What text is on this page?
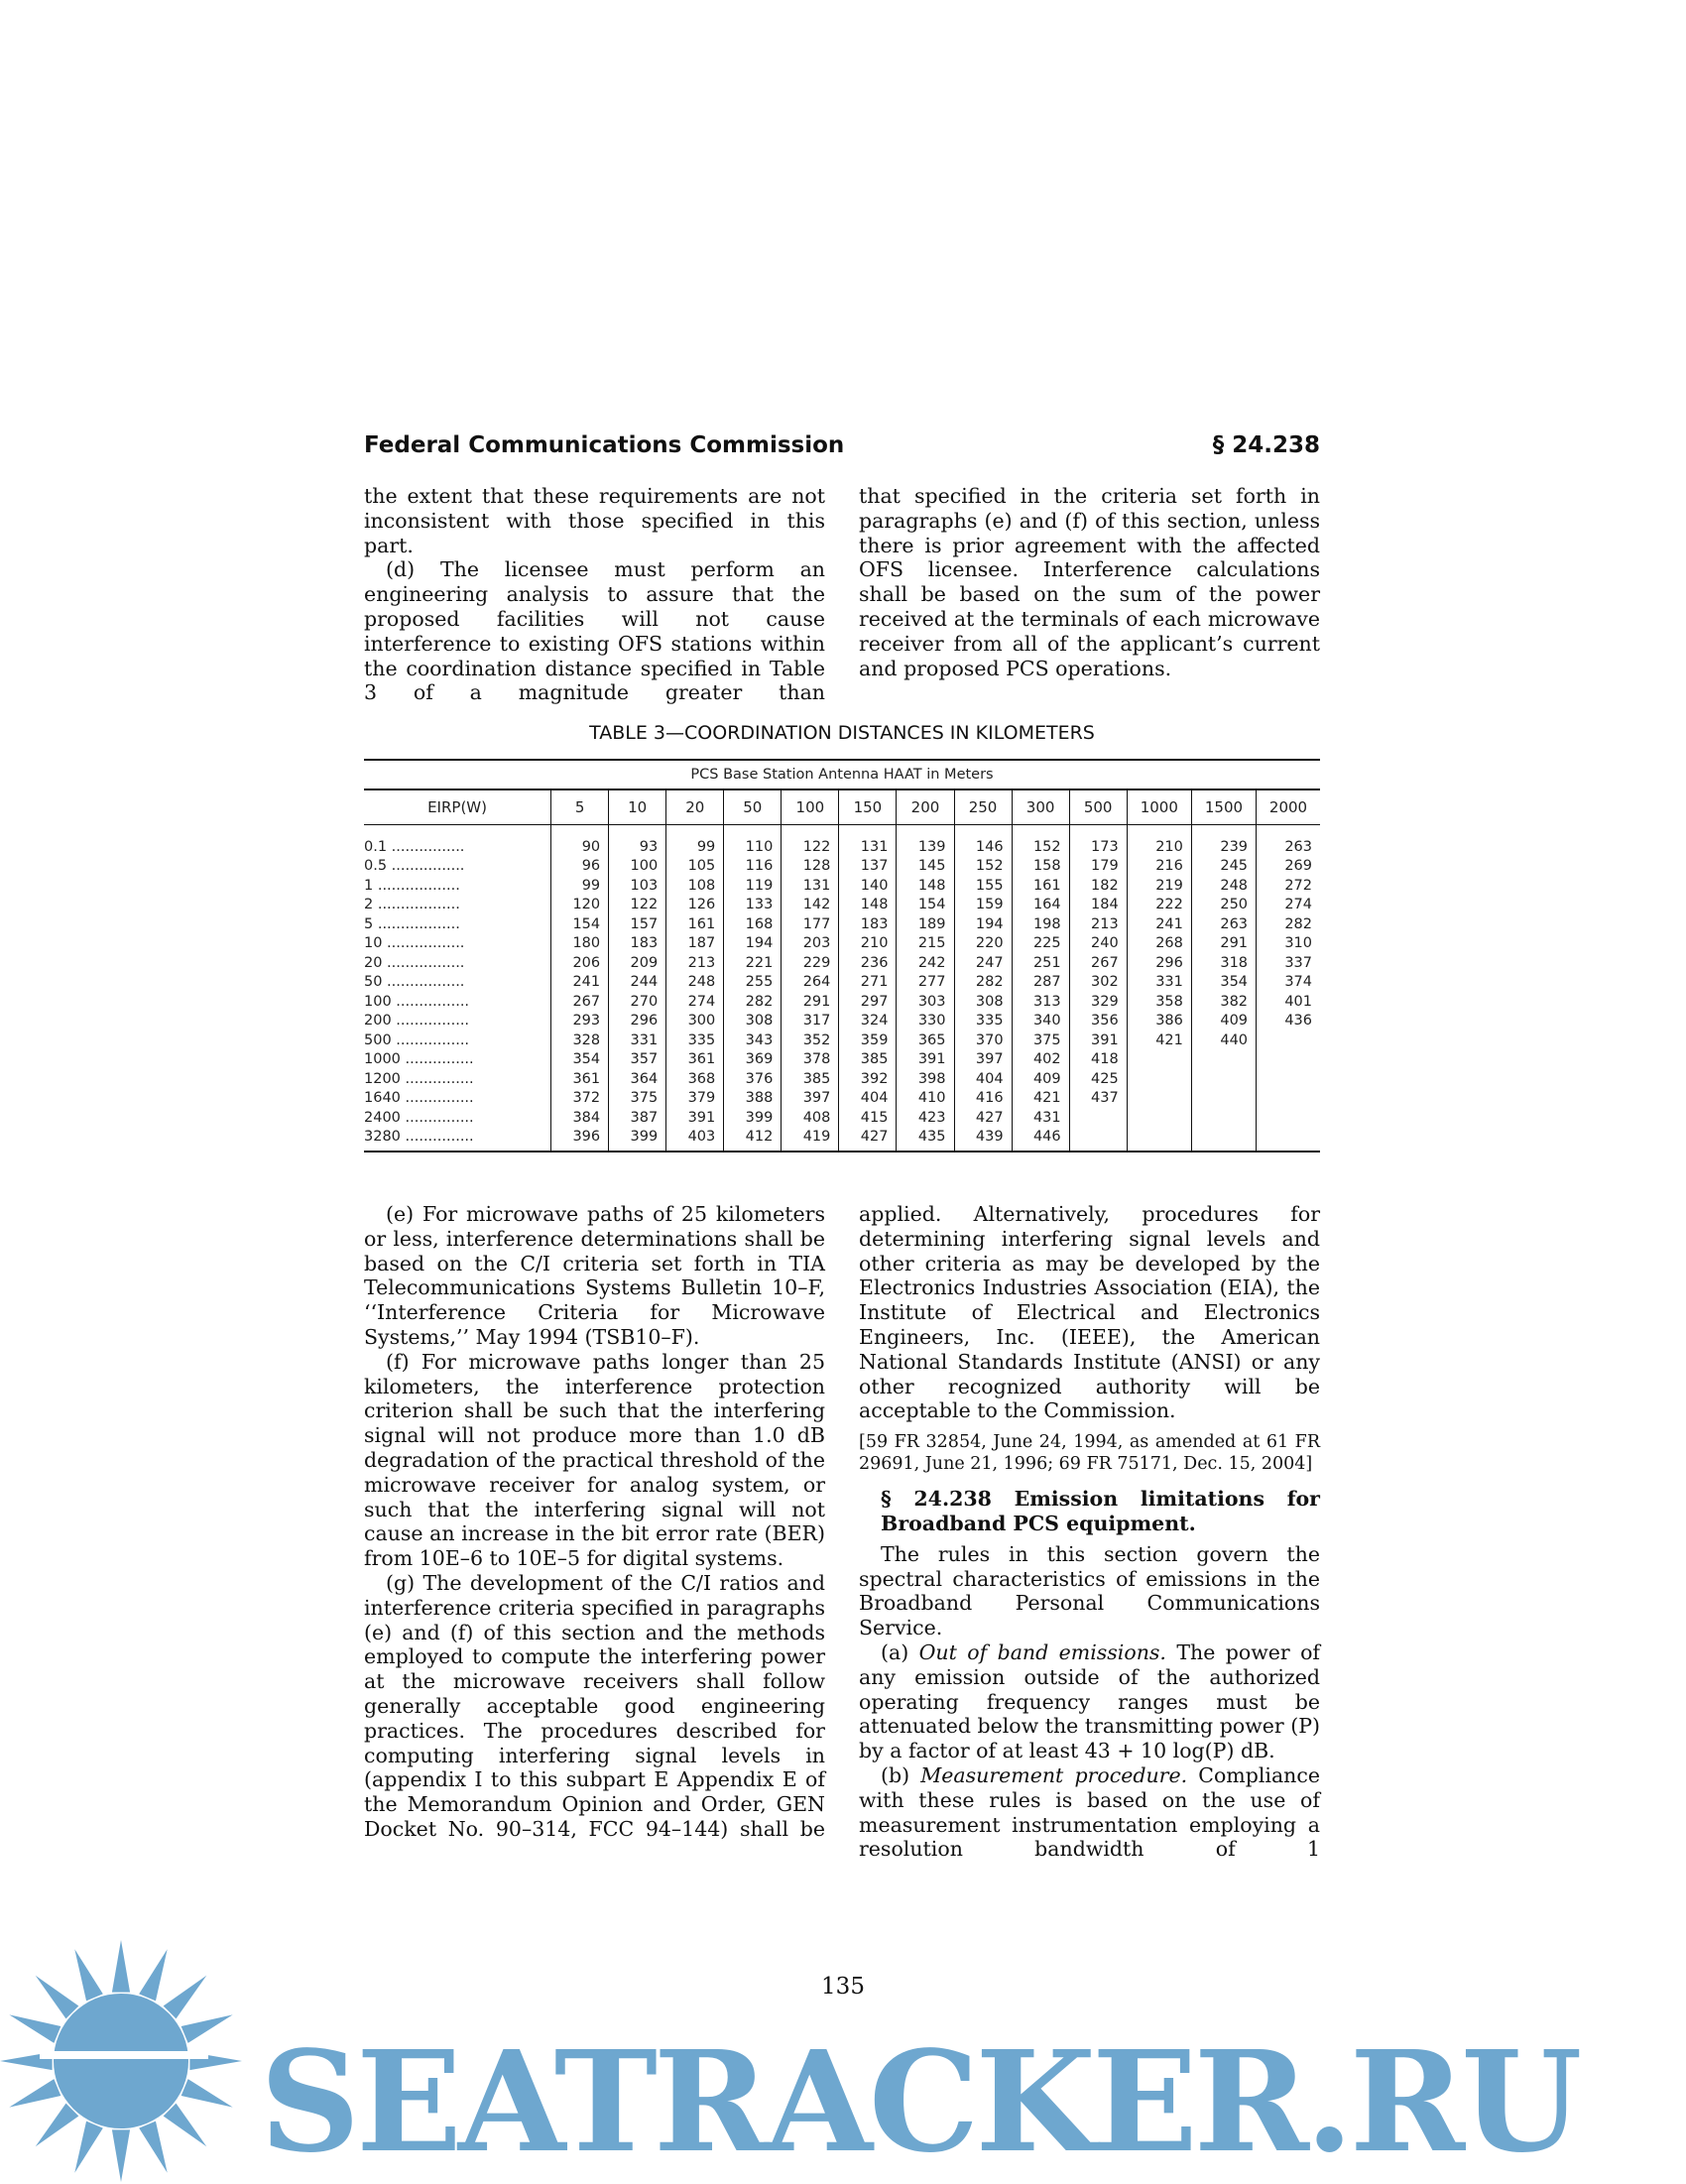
Federal Communications Commission	§ 24.238

the extent that these requirements are not inconsistent with those specified in this part.

(d) The licensee must perform an engineering analysis to assure that the proposed facilities will not cause interference to existing OFS stations within the coordination distance specified in Table 3 of a magnitude greater than

that specified in the criteria set forth in paragraphs (e) and (f) of this section, unless there is prior agreement with the affected OFS licensee. Interference calculations shall be based on the sum of the power received at the terminals of each microwave receiver from all of the applicant’s current and proposed PCS operations.

TABLE 3—COORDINATION DISTANCES IN KILOMETERS
PCS Base Station Antenna HAAT in Meters													
EIRP(W)	5	10	20	50	100	150	200	250	300	500	1000	1500	2000
0.1 ................	90	93	99	110	122	131	139	146	152	173	210	239	263
0.5 ................	96	100	105	116	128	137	145	152	158	179	216	245	269
1 ..................	99	103	108	119	131	140	148	155	161	182	219	248	272
2 ..................	120	122	126	133	142	148	154	159	164	184	222	250	274
5 ..................	154	157	161	168	177	183	189	194	198	213	241	263	282
10 .................	180	183	187	194	203	210	215	220	225	240	268	291	310
20 .................	206	209	213	221	229	236	242	247	251	267	296	318	337
50 .................	241	244	248	255	264	271	277	282	287	302	331	354	374
100 ................	267	270	274	282	291	297	303	308	313	329	358	382	401
200 ................	293	296	300	308	317	324	330	335	340	356	386	409	436
500 ................	328	331	335	343	352	359	365	370	375	391	421	440	
1000 ...............	354	357	361	369	378	385	391	397	402	418			
1200 ...............	361	364	368	376	385	392	398	404	409	425			
1640 ...............	372	375	379	388	397	404	410	416	421	437			
2400 ...............	384	387	391	399	408	415	423	427	431				
3280 ...............	396	399	403	412	419	427	435	439	446				

(e) For microwave paths of 25 kilometers or less, interference determinations shall be based on the C/I criteria set forth in TIA Telecommunications Systems Bulletin 10–F, ‘‘Interference Criteria for Microwave Systems,’’ May 1994 (TSB10–F).

(f) For microwave paths longer than 25 kilometers, the interference protection criterion shall be such that the interfering signal will not produce more than 1.0 dB degradation of the practical threshold of the microwave receiver for analog system, or such that the interfering signal will not cause an increase in the bit error rate (BER) from 10E–6 to 10E–5 for digital systems.

(g) The development of the C/I ratios and interference criteria specified in paragraphs (e) and (f) of this section and the methods employed to compute the interfering power at the microwave receivers shall follow generally acceptable good engineering practices. The procedures described for computing interfering signal levels in (appendix I to this subpart E Appendix E of the Memorandum Opinion and Order, GEN Docket No. 90–314, FCC 94–144) shall be

applied. Alternatively, procedures for determining interfering signal levels and other criteria as may be developed by the Electronics Industries Association (EIA), the Institute of Electrical and Electronics Engineers, Inc. (IEEE), the American National Standards Institute (ANSI) or any other recognized authority will be acceptable to the Commission.

[59 FR 32854, June 24, 1994, as amended at 61 FR 29691, June 21, 1996; 69 FR 75171, Dec. 15, 2004]

§ 24.238 Emission limitations for Broadband PCS equipment.

The rules in this section govern the spectral characteristics of emissions in the Broadband Personal Communications Service.

(a) Out of band emissions. The power of any emission outside of the authorized operating frequency ranges must be attenuated below the transmitting power (P) by a factor of at least 43 + 10 log(P) dB.

(b) Measurement procedure. Compliance with these rules is based on the use of measurement instrumentation employing a resolution bandwidth of 1

135
SEATRACKER.RU
